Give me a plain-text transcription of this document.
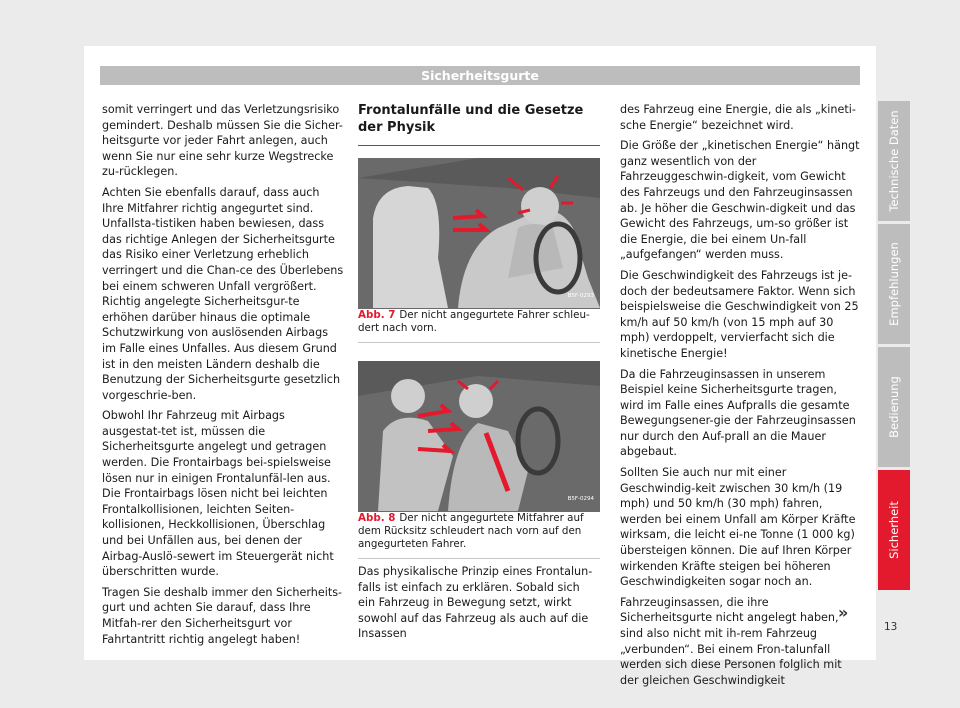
Sicherheitsgurte

somit verringert und das Verletzungsrisiko gemindert. Deshalb müssen Sie die Sicher-heitsgurte vor jeder Fahrt anlegen, auch wenn Sie nur eine sehr kurze Wegstrecke zu-rücklegen.

Achten Sie ebenfalls darauf, dass auch Ihre Mitfahrer richtig angegurtet sind. Unfallsta-tistiken haben bewiesen, dass das richtige Anlegen der Sicherheitsgurte das Risiko einer Verletzung erheblich verringert und die Chan-ce des Überlebens bei einem schweren Unfall vergrößert. Richtig angelegte Sicherheitsgur-te erhöhen darüber hinaus die optimale Schutzwirkung von auslösenden Airbags im Falle eines Unfalles. Aus diesem Grund ist in den meisten Ländern deshalb die Benutzung der Sicherheitsgurte gesetzlich vorgeschrie-ben.

Obwohl Ihr Fahrzeug mit Airbags ausgestat-tet ist, müssen die Sicherheitsgurte angelegt und getragen werden. Die Frontairbags bei-spielsweise lösen nur in einigen Frontalunfäl-len aus. Die Frontairbags lösen nicht bei leichten Frontalkollisionen, leichten Seiten-kollisionen, Heckkollisionen, Überschlag und bei Unfällen aus, bei denen der Airbag-Auslö-sewert im Steuergerät nicht überschritten wurde.

Tragen Sie deshalb immer den Sicherheits-gurt und achten Sie darauf, dass Ihre Mitfah-rer den Sicherheitsgurt vor Fahrtantritt richtig angelegt haben!

Frontalunfälle und die Gesetze der Physik
B5F-0293

Abb. 7 Der nicht angegurtete Fahrer schleu-dert nach vorn.

B5F-0294

Abb. 8 Der nicht angegurtete Mitfahrer auf dem Rücksitz schleudert nach vorn auf den angegurteten Fahrer.

Das physikalische Prinzip eines Frontalun-falls ist einfach zu erklären. Sobald sich ein Fahrzeug in Bewegung setzt, wirkt sowohl auf das Fahrzeug als auch auf die Insassen

des Fahrzeug eine Energie, die als „kineti-sche Energie“ bezeichnet wird.

Die Größe der „kinetischen Energie“ hängt ganz wesentlich von der Fahrzeuggeschwin-digkeit, vom Gewicht des Fahrzeugs und den Fahrzeuginsassen ab. Je höher die Geschwin-digkeit und das Gewicht des Fahrzeugs, um-so größer ist die Energie, die bei einem Un-fall „aufgefangen“ werden muss.

Die Geschwindigkeit des Fahrzeugs ist je-doch der bedeutsamere Faktor. Wenn sich beispielsweise die Geschwindigkeit von 25 km/h auf 50 km/h (von 15 mph auf 30 mph) verdoppelt, vervierfacht sich die kinetische Energie!

Da die Fahrzeuginsassen in unserem Beispiel keine Sicherheitsgurte tragen, wird im Falle eines Aufpralls die gesamte Bewegungsener-gie der Fahrzeuginsassen nur durch den Auf-prall an die Mauer abgebaut.

Sollten Sie auch nur mit einer Geschwindig-keit zwischen 30 km/h (19 mph) und 50 km/h (30 mph) fahren, werden bei einem Unfall am Körper Kräfte wirksam, die leicht ei-ne Tonne (1 000 kg) übersteigen können. Die auf Ihren Körper wirkenden Kräfte steigen bei höheren Geschwindigkeiten sogar noch an.

Fahrzeuginsassen, die ihre Sicherheitsgurte nicht angelegt haben, sind also nicht mit ih-rem Fahrzeug „verbunden“. Bei einem Fron-talunfall werden sich diese Personen folglich mit der gleichen Geschwindigkeit

»
Technische Daten
Empfehlungen
Bedienung
Sicherheit
13
